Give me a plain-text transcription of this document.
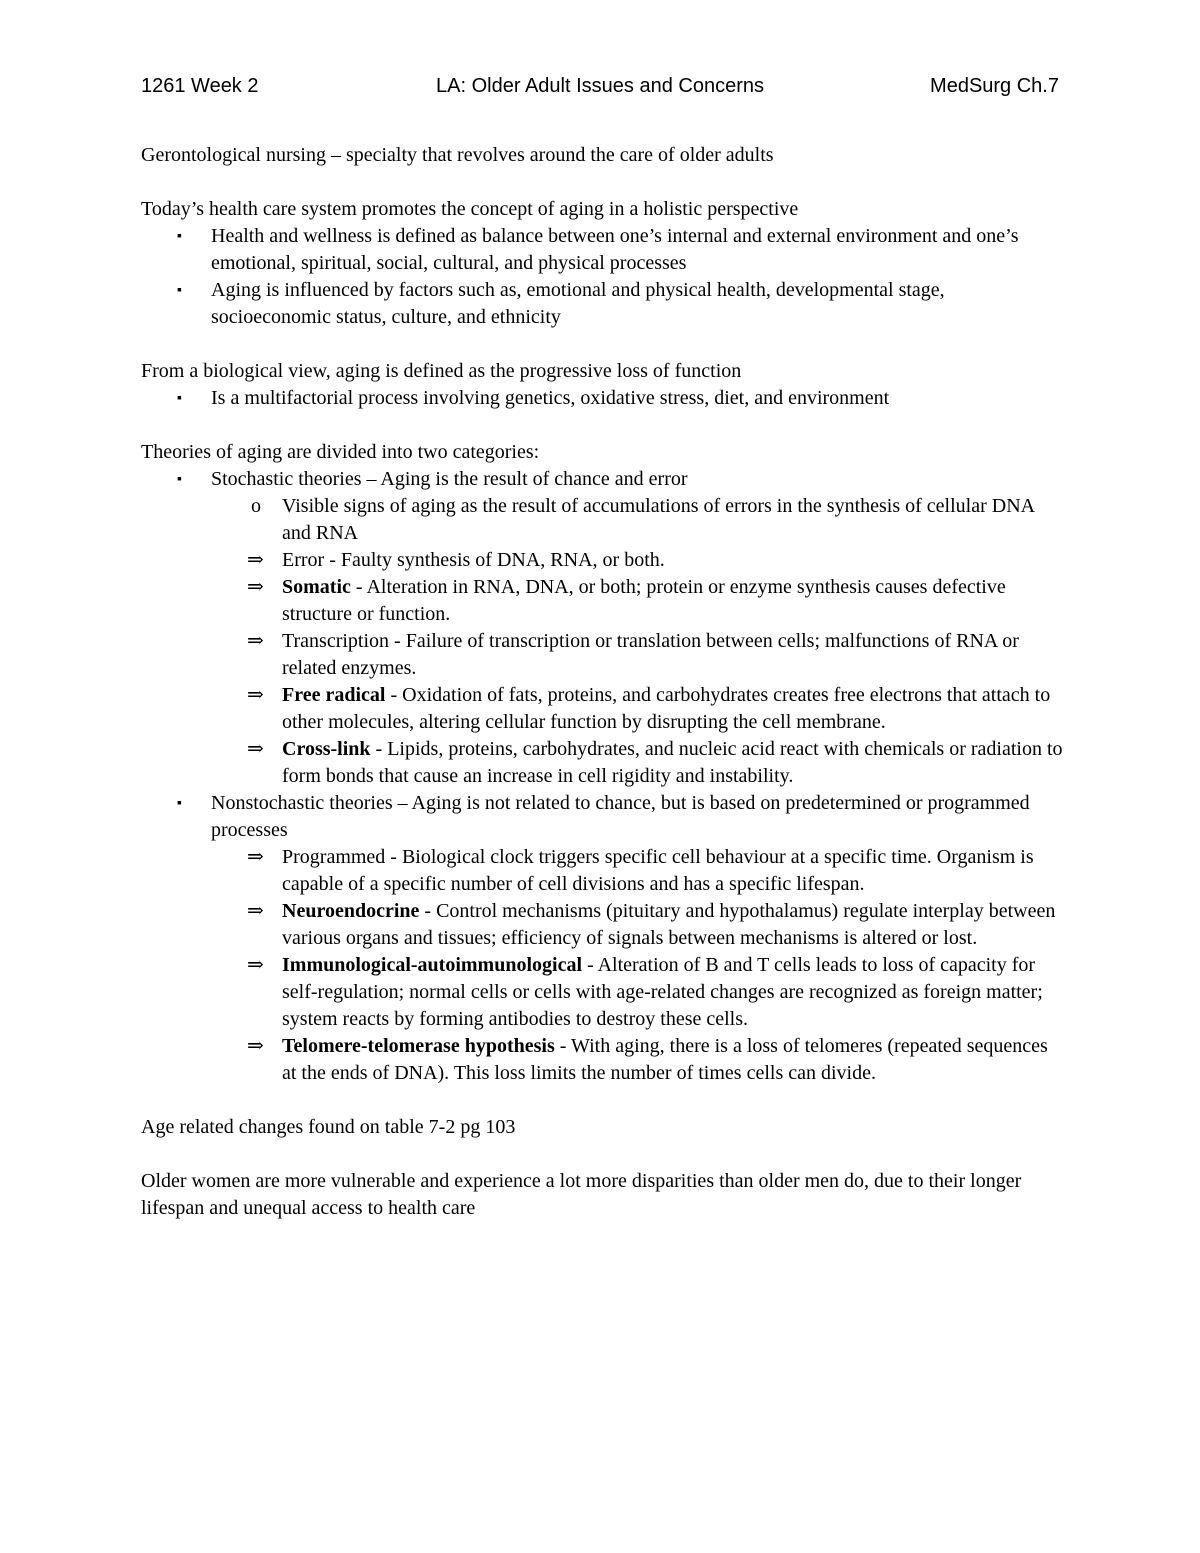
1261 Week 2	LA: Older Adult Issues and Concerns	MedSurg Ch.7

Gerontological nursing – specialty that revolves around the care of older adults

Today’s health care system promotes the concept of aging in a holistic perspective

▪ Health and wellness is defined as balance between one’s internal and external environment and one’s emotional, spiritual, social, cultural, and physical processes
▪ Aging is influenced by factors such as, emotional and physical health, developmental stage, socioeconomic status, culture, and ethnicity

From a biological view, aging is defined as the progressive loss of function

▪ Is a multifactorial process involving genetics, oxidative stress, diet, and environment

Theories of aging are divided into two categories:

▪ Stochastic theories – Aging is the result of chance and error
o Visible signs of aging as the result of accumulations of errors in the synthesis of cellular DNA and RNA
⇒ Error - Faulty synthesis of DNA, RNA, or both.
⇒ Somatic - Alteration in RNA, DNA, or both; protein or enzyme synthesis causes defective structure or function.
⇒ Transcription - Failure of transcription or translation between cells; malfunctions of RNA or related enzymes.
⇒ Free radical - Oxidation of fats, proteins, and carbohydrates creates free electrons that attach to other molecules, altering cellular function by disrupting the cell membrane.
⇒ Cross-link - Lipids, proteins, carbohydrates, and nucleic acid react with chemicals or radiation to form bonds that cause an increase in cell rigidity and instability.
▪ Nonstochastic theories – Aging is not related to chance, but is based on predetermined or programmed processes
⇒ Programmed - Biological clock triggers specific cell behaviour at a specific time. Organism is capable of a specific number of cell divisions and has a specific lifespan.
⇒ Neuroendocrine - Control mechanisms (pituitary and hypothalamus) regulate interplay between various organs and tissues; efficiency of signals between mechanisms is altered or lost.
⇒ Immunological-autoimmunological - Alteration of B and T cells leads to loss of capacity for self-regulation; normal cells or cells with age-related changes are recognized as foreign matter; system reacts by forming antibodies to destroy these cells.
⇒ Telomere-telomerase hypothesis - With aging, there is a loss of telomeres (repeated sequences at the ends of DNA). This loss limits the number of times cells can divide.

Age related changes found on table 7-2 pg 103

Older women are more vulnerable and experience a lot more disparities than older men do, due to their longer lifespan and unequal access to health care
